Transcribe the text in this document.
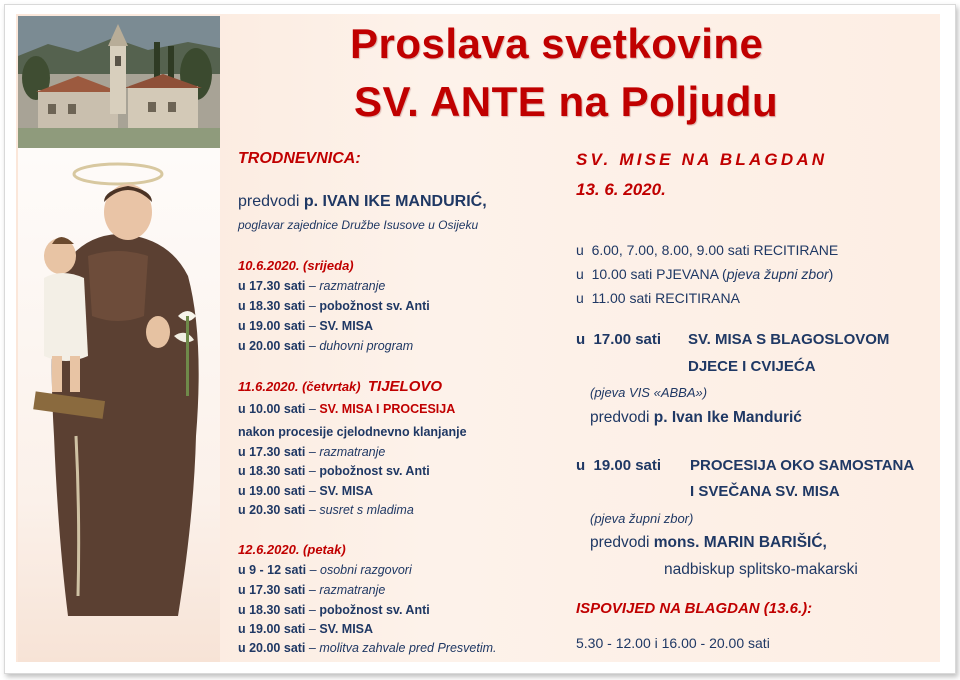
Proslava svetkovine
SV. ANTE na Poljudu
TRODNEVNICA:
predvodi p. IVAN IKE MANDURIĆ,
poglavar zajednice Družbe Isusove u Osijeku
10.6.2020. (srijeda)
u 17.30 sati – razmatranje
u 18.30 sati – pobožnost sv. Anti
u 19.00 sati – SV. MISA
u 20.00 sati – duhovni program
11.6.2020. (četvrtak) TIJELOVO
u 10.00 sati – SV. MISA I PROCESIJA
nakon procesije cjelodnevno klanjanje
u 17.30 sati – razmatranje
u 18.30 sati – pobožnost sv. Anti
u 19.00 sati – SV. MISA
u 20.30 sati – susret s mladima
12.6.2020. (petak)
u 9 - 12 sati – osobni razgovori
u 17.30 sati – razmatranje
u 18.30 sati – pobožnost sv. Anti
u 19.00 sati – SV. MISA
u 20.00 sati – molitva zahvale pred Presvetim.
SV. MISE NA BLAGDAN
13. 6. 2020.
u 6.00, 7.00, 8.00, 9.00 sati RECITIRANE
u 10.00 sati PJEVANA (pjeva župni zbor)
u 11.00 sati RECITIRANA
u 17.00 sati SV. MISA S BLAGOSLOVOM
DJECE I CVIJEĆA
(pjeva VIS «ABBA»)
predvodi p. Ivan Ike Mandurić
u 19.00 sati PROCESIJA OKO SAMOSTANA
I SVEČANA SV. MISA
(pjeva župni zbor)
predvodi mons. MARIN BARIŠIĆ,
nadbiskup splitsko-makarski
ISPOVIJED NA BLAGDAN (13.6.):
5.30 - 12.00 i 16.00 - 20.00 sati
